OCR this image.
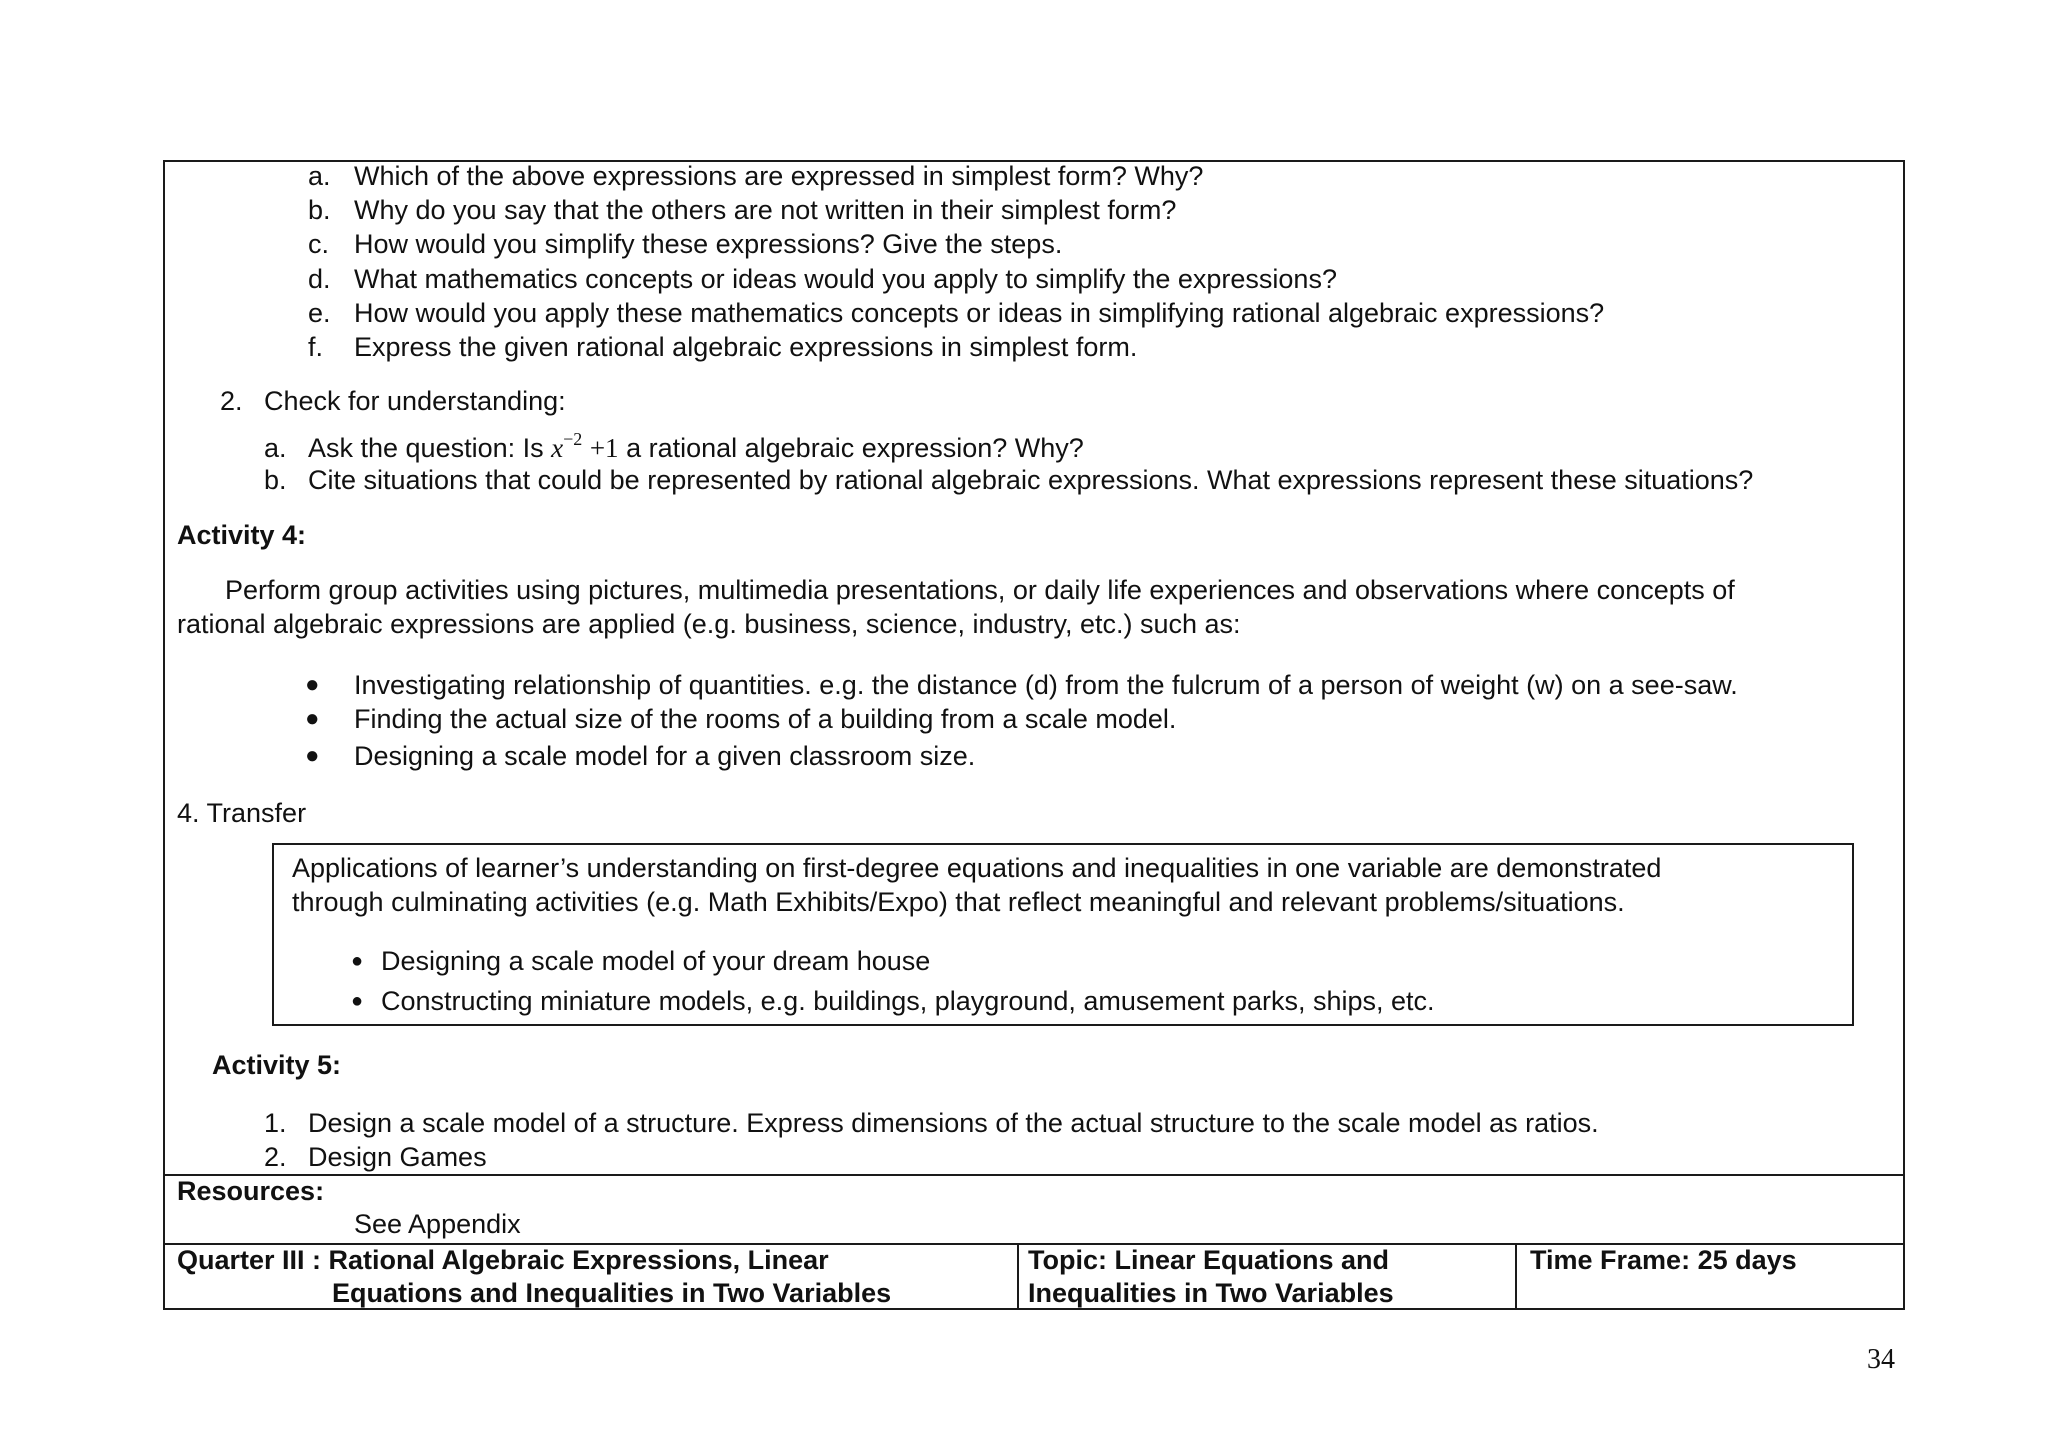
a. Which of the above expressions are expressed in simplest form? Why?
b. Why do you say that the others are not written in their simplest form?
c. How would you simplify these expressions? Give the steps.
d. What mathematics concepts or ideas would you apply to simplify the expressions?
e. How would you apply these mathematics concepts or ideas in simplifying rational algebraic expressions?
f. Express the given rational algebraic expressions in simplest form.
2. Check for understanding:
a. Ask the question: Is $x^{-2} +1$ a rational algebraic expression? Why?
b. Cite situations that could be represented by rational algebraic expressions. What expressions represent these situations?
Activity 4:
Perform group activities using pictures, multimedia presentations, or daily life experiences and observations where concepts of
rational algebraic expressions are applied (e.g. business, science, industry, etc.) such as:
● Investigating relationship of quantities. e.g. the distance (d) from the fulcrum of a person of weight (w) on a see-saw.
● Finding the actual size of the rooms of a building from a scale model.
● Designing a scale model for a given classroom size.
4. Transfer
Applications of learner’s understanding on first-degree equations and inequalities in one variable are demonstrated
through culminating activities (e.g. Math Exhibits/Expo) that reflect meaningful and relevant problems/situations.
● Designing a scale model of your dream house
● Constructing miniature models, e.g. buildings, playground, amusement parks, ships, etc.
Activity 5:
1. Design a scale model of a structure. Express dimensions of the actual structure to the scale model as ratios.
2. Design Games
Resources:
See Appendix
Quarter III : Rational Algebraic Expressions, Linear
Equations and Inequalities in Two Variables
Topic: Linear Equations and
Inequalities in Two Variables
Time Frame: 25 days
34
